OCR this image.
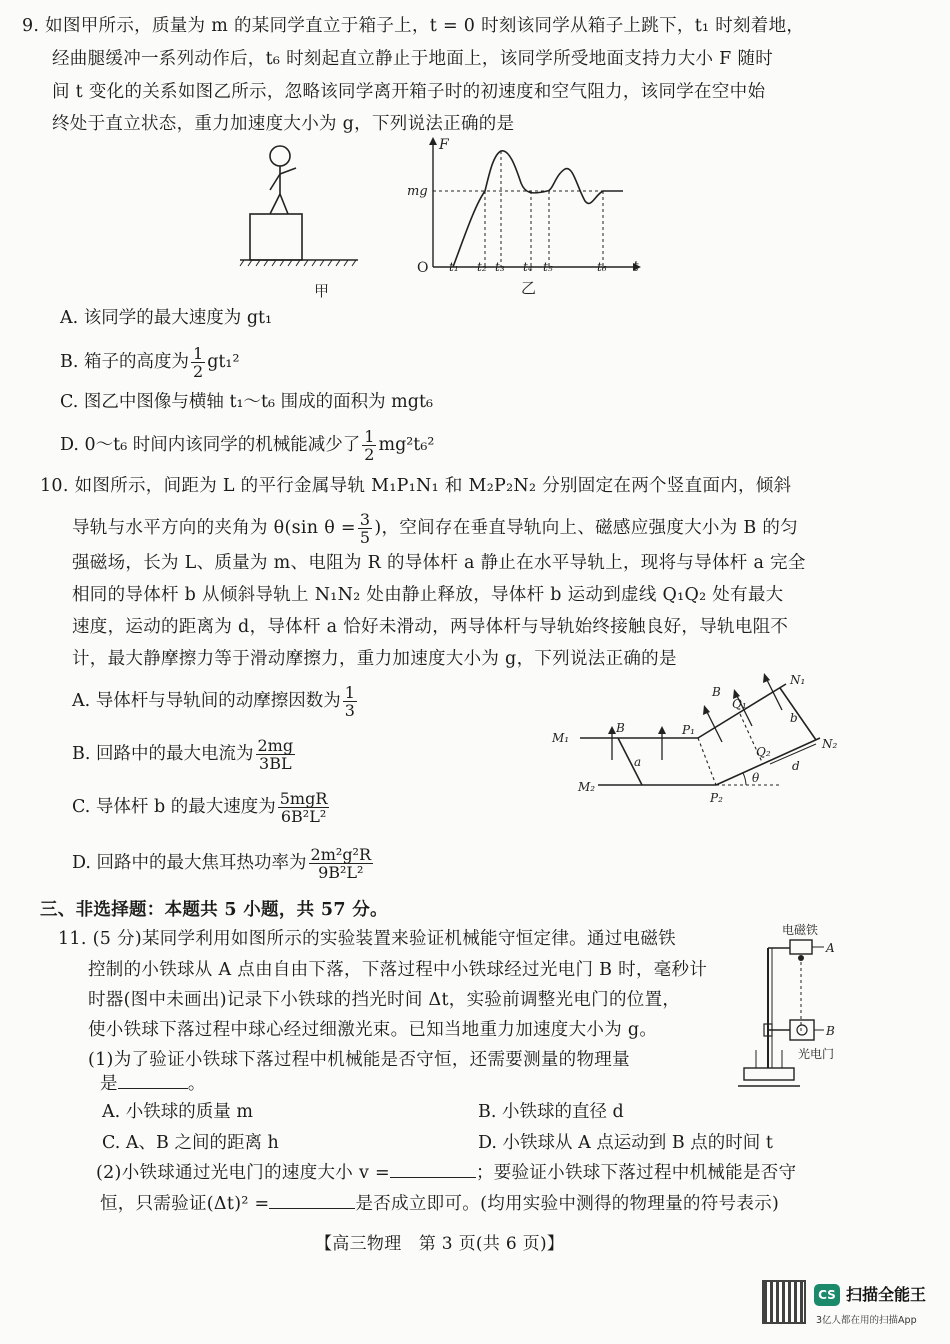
9. 如图甲所示，质量为 m 的某同学直立于箱子上，t = 0 时刻该同学从箱子上跳下，t₁ 时刻着地，
经曲腿缓冲一系列动作后，t₆ 时刻起直立静止于地面上，该同学所受地面支持力大小 F 随时
间 t 变化的关系如图乙所示，忽略该同学离开箱子时的初速度和空气阻力，该同学在空中始
终处于直立状态，重力加速度大小为 g，下列说法正确的是
甲
F
t
O
mg
t₁ t₂ t₃ t₄ t₅	t₆
乙
A. 该同学的最大速度为 gt₁
B. 箱子的高度为 $\frac{1}{2} gt_1^2$
C. 图乙中图像与横轴 t₁～t₆ 围成的面积为 mgt₆
D. 0～t₆ 时间内该同学的机械能减少了 $\frac{1}{2} mg^2t_6^2$
10. 如图所示，间距为 L 的平行金属导轨 M₁P₁N₁ 和 M₂P₂N₂ 分别固定在两个竖直面内，倾斜
导轨与水平方向的夹角为 θ(sin $\theta = \frac{3}{5}$ )，空间存在垂直导轨向上、磁感应强度大小为 B 的匀
强磁场，长为 L、质量为 m、电阻为 R 的导体杆 a 静止在水平导轨上，现将与导体杆 a 完全
相同的导体杆 b 从倾斜导轨上 N₁N₂ 处由静止释放，导体杆 b 运动到虚线 Q₁Q₂ 处有最大
速度，运动的距离为 d，导体杆 a 恰好未滑动，两导体杆与导轨始终接触良好，导轨电阻不
计，最大静摩擦力等于滑动摩擦力，重力加速度大小为 g，下列说法正确的是
A. 导体杆与导轨间的动摩擦因数为 $\frac{1}{3}$
B. 回路中的最大电流为 $\frac{2mg}{3BL}$
C. 导体杆 b 的最大速度为 $\frac{\text{5mgR}}{\text{6B²L²}}$
D. 回路中的最大焦耳热功率为 $\frac{\text{2m²g²R}}{\text{9B²L²}}$
M₁
M₂
P₁
P₂
N₁
N₂
Q₁
Q₂
B
B
a
b
θ
d
三、非选择题：本题共 5 小题，共 57 分。
11. (5 分)某同学利用如图所示的实验装置来验证机械能守恒定律。通过电磁铁
控制的小铁球从 A 点由自由下落，下落过程中小铁球经过光电门 B 时，毫秒计
时器(图中未画出)记录下小铁球的挡光时间 Δt，实验前调整光电门的位置，
使小铁球下落过程中球心经过细激光束。已知当地重力加速度大小为 g。
(1)为了验证小铁球下落过程中机械能是否守恒，还需要测量的物理量
是	。
A. 小铁球的质量 m	B. 小铁球的直径 d
C. A、B 之间的距离 h	D. 小铁球从 A 点运动到 B 点的时间 t
(2)小铁球通过光电门的速度大小 v =	；要验证小铁球下落过程中机械能是否守
恒，只需验证(Δt)² =	是否成立即可。(均用实验中测得的物理量的符号表示)
电磁铁
A
B
光电门
【高三物理　第 3 页(共 6 页)】
CS 扫描全能王
3亿人都在用的扫描App
